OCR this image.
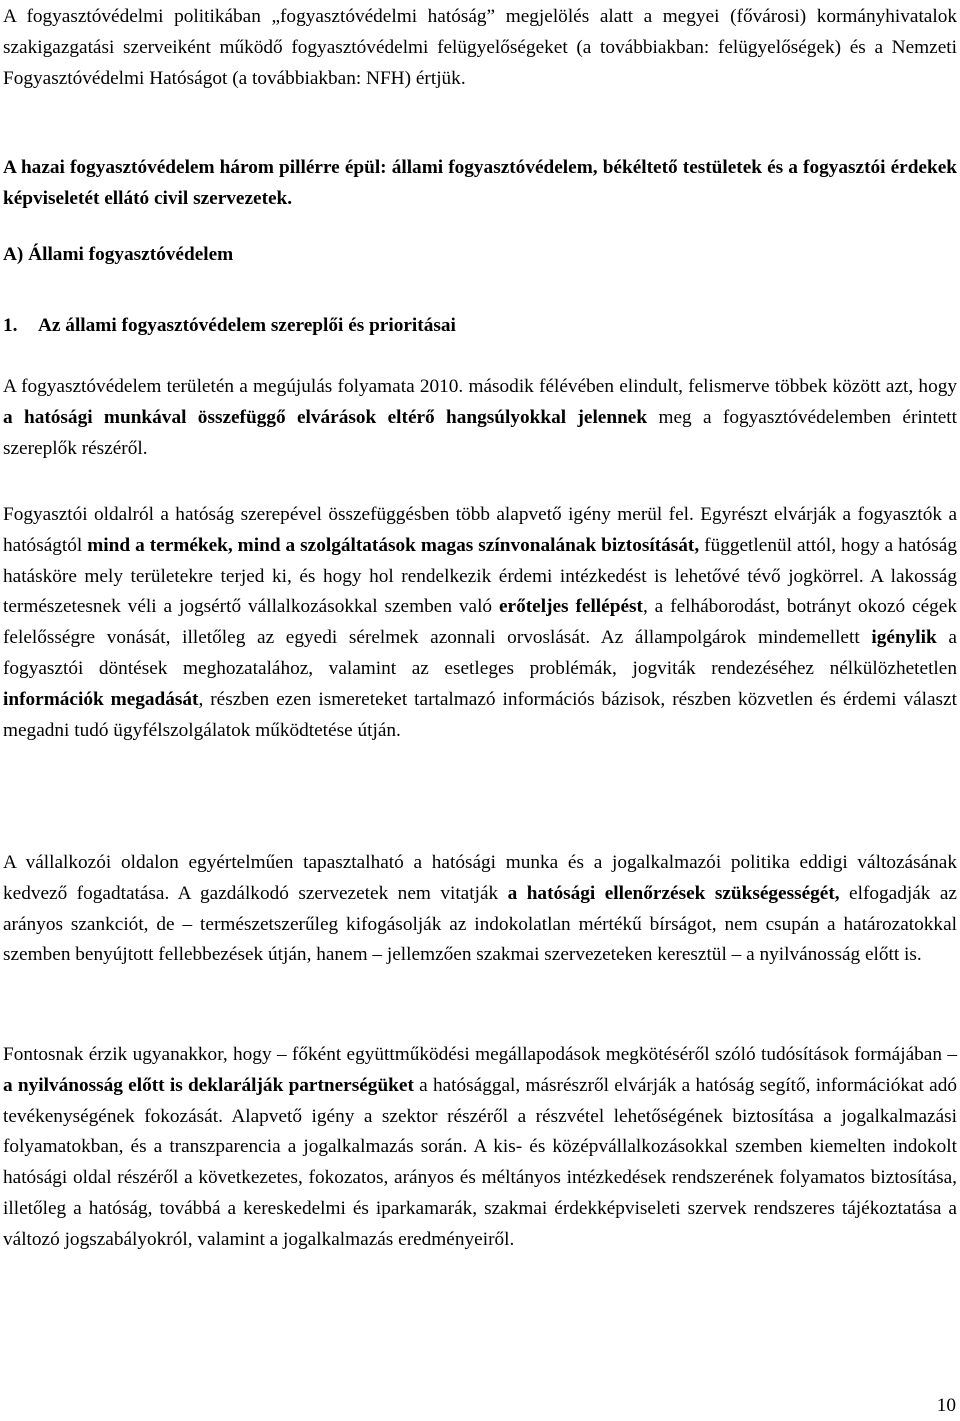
A fogyasztóvédelmi politikában „fogyasztóvédelmi hatóság” megjelölés alatt a megyei (fővárosi) kormányhivatalok szakigazgatási szerveiként működő fogyasztóvédelmi felügyelőségeket (a továbbiakban: felügyelőségek) és a Nemzeti Fogyasztóvédelmi Hatóságot (a továbbiakban: NFH) értjük.

A hazai fogyasztóvédelem három pillérre épül: állami fogyasztóvédelem, békéltető testületek és a fogyasztói érdekek képviseletét ellátó civil szervezetek.

A) Állami fogyasztóvédelem

1. Az állami fogyasztóvédelem szereplői és prioritásai

A fogyasztóvédelem területén a megújulás folyamata 2010. második félévében elindult, felismerve többek között azt, hogy a hatósági munkával összefüggő elvárások eltérő hangsúlyokkal jelennek meg a fogyasztóvédelemben érintett szereplők részéről.

Fogyasztói oldalról a hatóság szerepével összefüggésben több alapvető igény merül fel. Egyrészt elvárják a fogyasztók a hatóságtól mind a termékek, mind a szolgáltatások magas színvonalának biztosítását, függetlenül attól, hogy a hatóság hatásköre mely területekre terjed ki, és hogy hol rendelkezik érdemi intézkedést is lehetővé tévő jogkörrel. A lakosság természetesnek véli a jogsértő vállalkozásokkal szemben való erőteljes fellépést, a felháborodást, botrányt okozó cégek felelősségre vonását, illetőleg az egyedi sérelmek azonnali orvoslását. Az állampolgárok mindemellett igénylik a fogyasztói döntések meghozatalához, valamint az esetleges problémák, jogviták rendezéséhez nélkülözhetetlen információk megadását, részben ezen ismereteket tartalmazó információs bázisok, részben közvetlen és érdemi választ megadni tudó ügyfélszolgálatok működtetése útján.

A vállalkozói oldalon egyértelműen tapasztalható a hatósági munka és a jogalkalmazói politika eddigi változásának kedvező fogadtatása. A gazdálkodó szervezetek nem vitatják a hatósági ellenőrzések szükségességét, elfogadják az arányos szankciót, de – természetszerűleg kifogásolják az indokolatlan mértékű bírságot, nem csupán a határozatokkal szemben benyújtott fellebbezések útján, hanem – jellemzően szakmai szervezeteken keresztül – a nyilvánosság előtt is.

Fontosnak érzik ugyanakkor, hogy – főként együttműködési megállapodások megkötéséről szóló tudósítások formájában – a nyilvánosság előtt is deklarálják partnerségüket a hatósággal, másrészről elvárják a hatóság segítő, információkat adó tevékenységének fokozását. Alapvető igény a szektor részéről a részvétel lehetőségének biztosítása a jogalkalmazási folyamatokban, és a transzparencia a jogalkalmazás során. A kis- és középvállalkozásokkal szemben kiemelten indokolt hatósági oldal részéről a következetes, fokozatos, arányos és méltányos intézkedések rendszerének folyamatos biztosítása, illetőleg a hatóság, továbbá a kereskedelmi és iparkamarák, szakmai érdekképviseleti szervek rendszeres tájékoztatása a változó jogszabályokról, valamint a jogalkalmazás eredményeiről.

10
